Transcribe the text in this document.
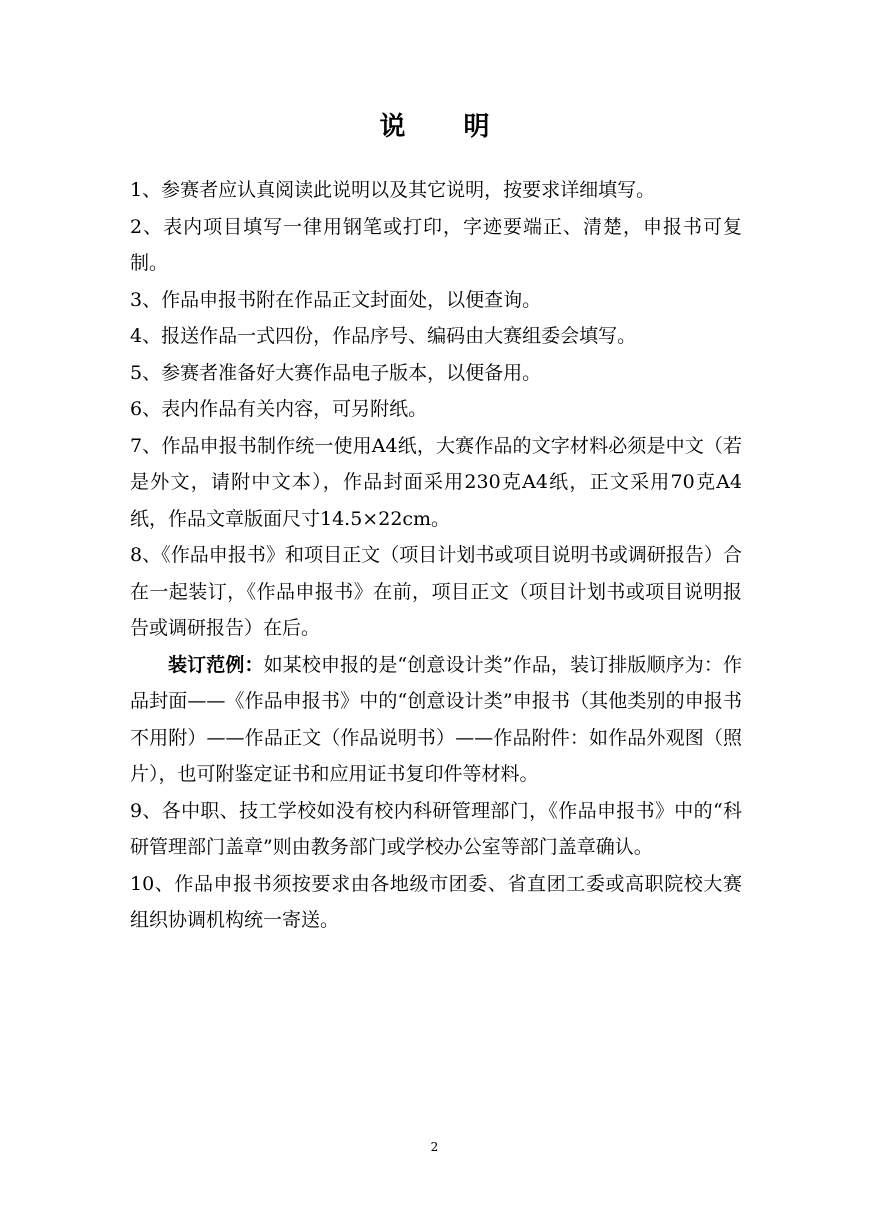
说明

1、参赛者应认真阅读此说明以及其它说明，按要求详细填写。

2、表内项目填写一律用钢笔或打印，字迹要端正、清楚，申报书可复制。

3、作品申报书附在作品正文封面处，以便查询。

4、报送作品一式四份，作品序号、编码由大赛组委会填写。

5、参赛者准备好大赛作品电子版本，以便备用。

6、表内作品有关内容，可另附纸。

7、作品申报书制作统一使用A4纸，大赛作品的文字材料必须是中文（若是外文，请附中文本），作品封面采用230克A4纸，正文采用70克A4纸，作品文章版面尺寸14.5×22cm。

8、《作品申报书》和项目正文（项目计划书或项目说明书或调研报告）合在一起装订，《作品申报书》在前，项目正文（项目计划书或项目说明报告或调研报告）在后。

装订范例：如某校申报的是“创意设计类”作品，装订排版顺序为：作品封面——《作品申报书》中的“创意设计类”申报书（其他类别的申报书不用附）——作品正文（作品说明书）——作品附件：如作品外观图（照片），也可附鉴定证书和应用证书复印件等材料。

9、各中职、技工学校如没有校内科研管理部门，《作品申报书》中的“科研管理部门盖章”则由教务部门或学校办公室等部门盖章确认。

10、作品申报书须按要求由各地级市团委、省直团工委或高职院校大赛组织协调机构统一寄送。

2
